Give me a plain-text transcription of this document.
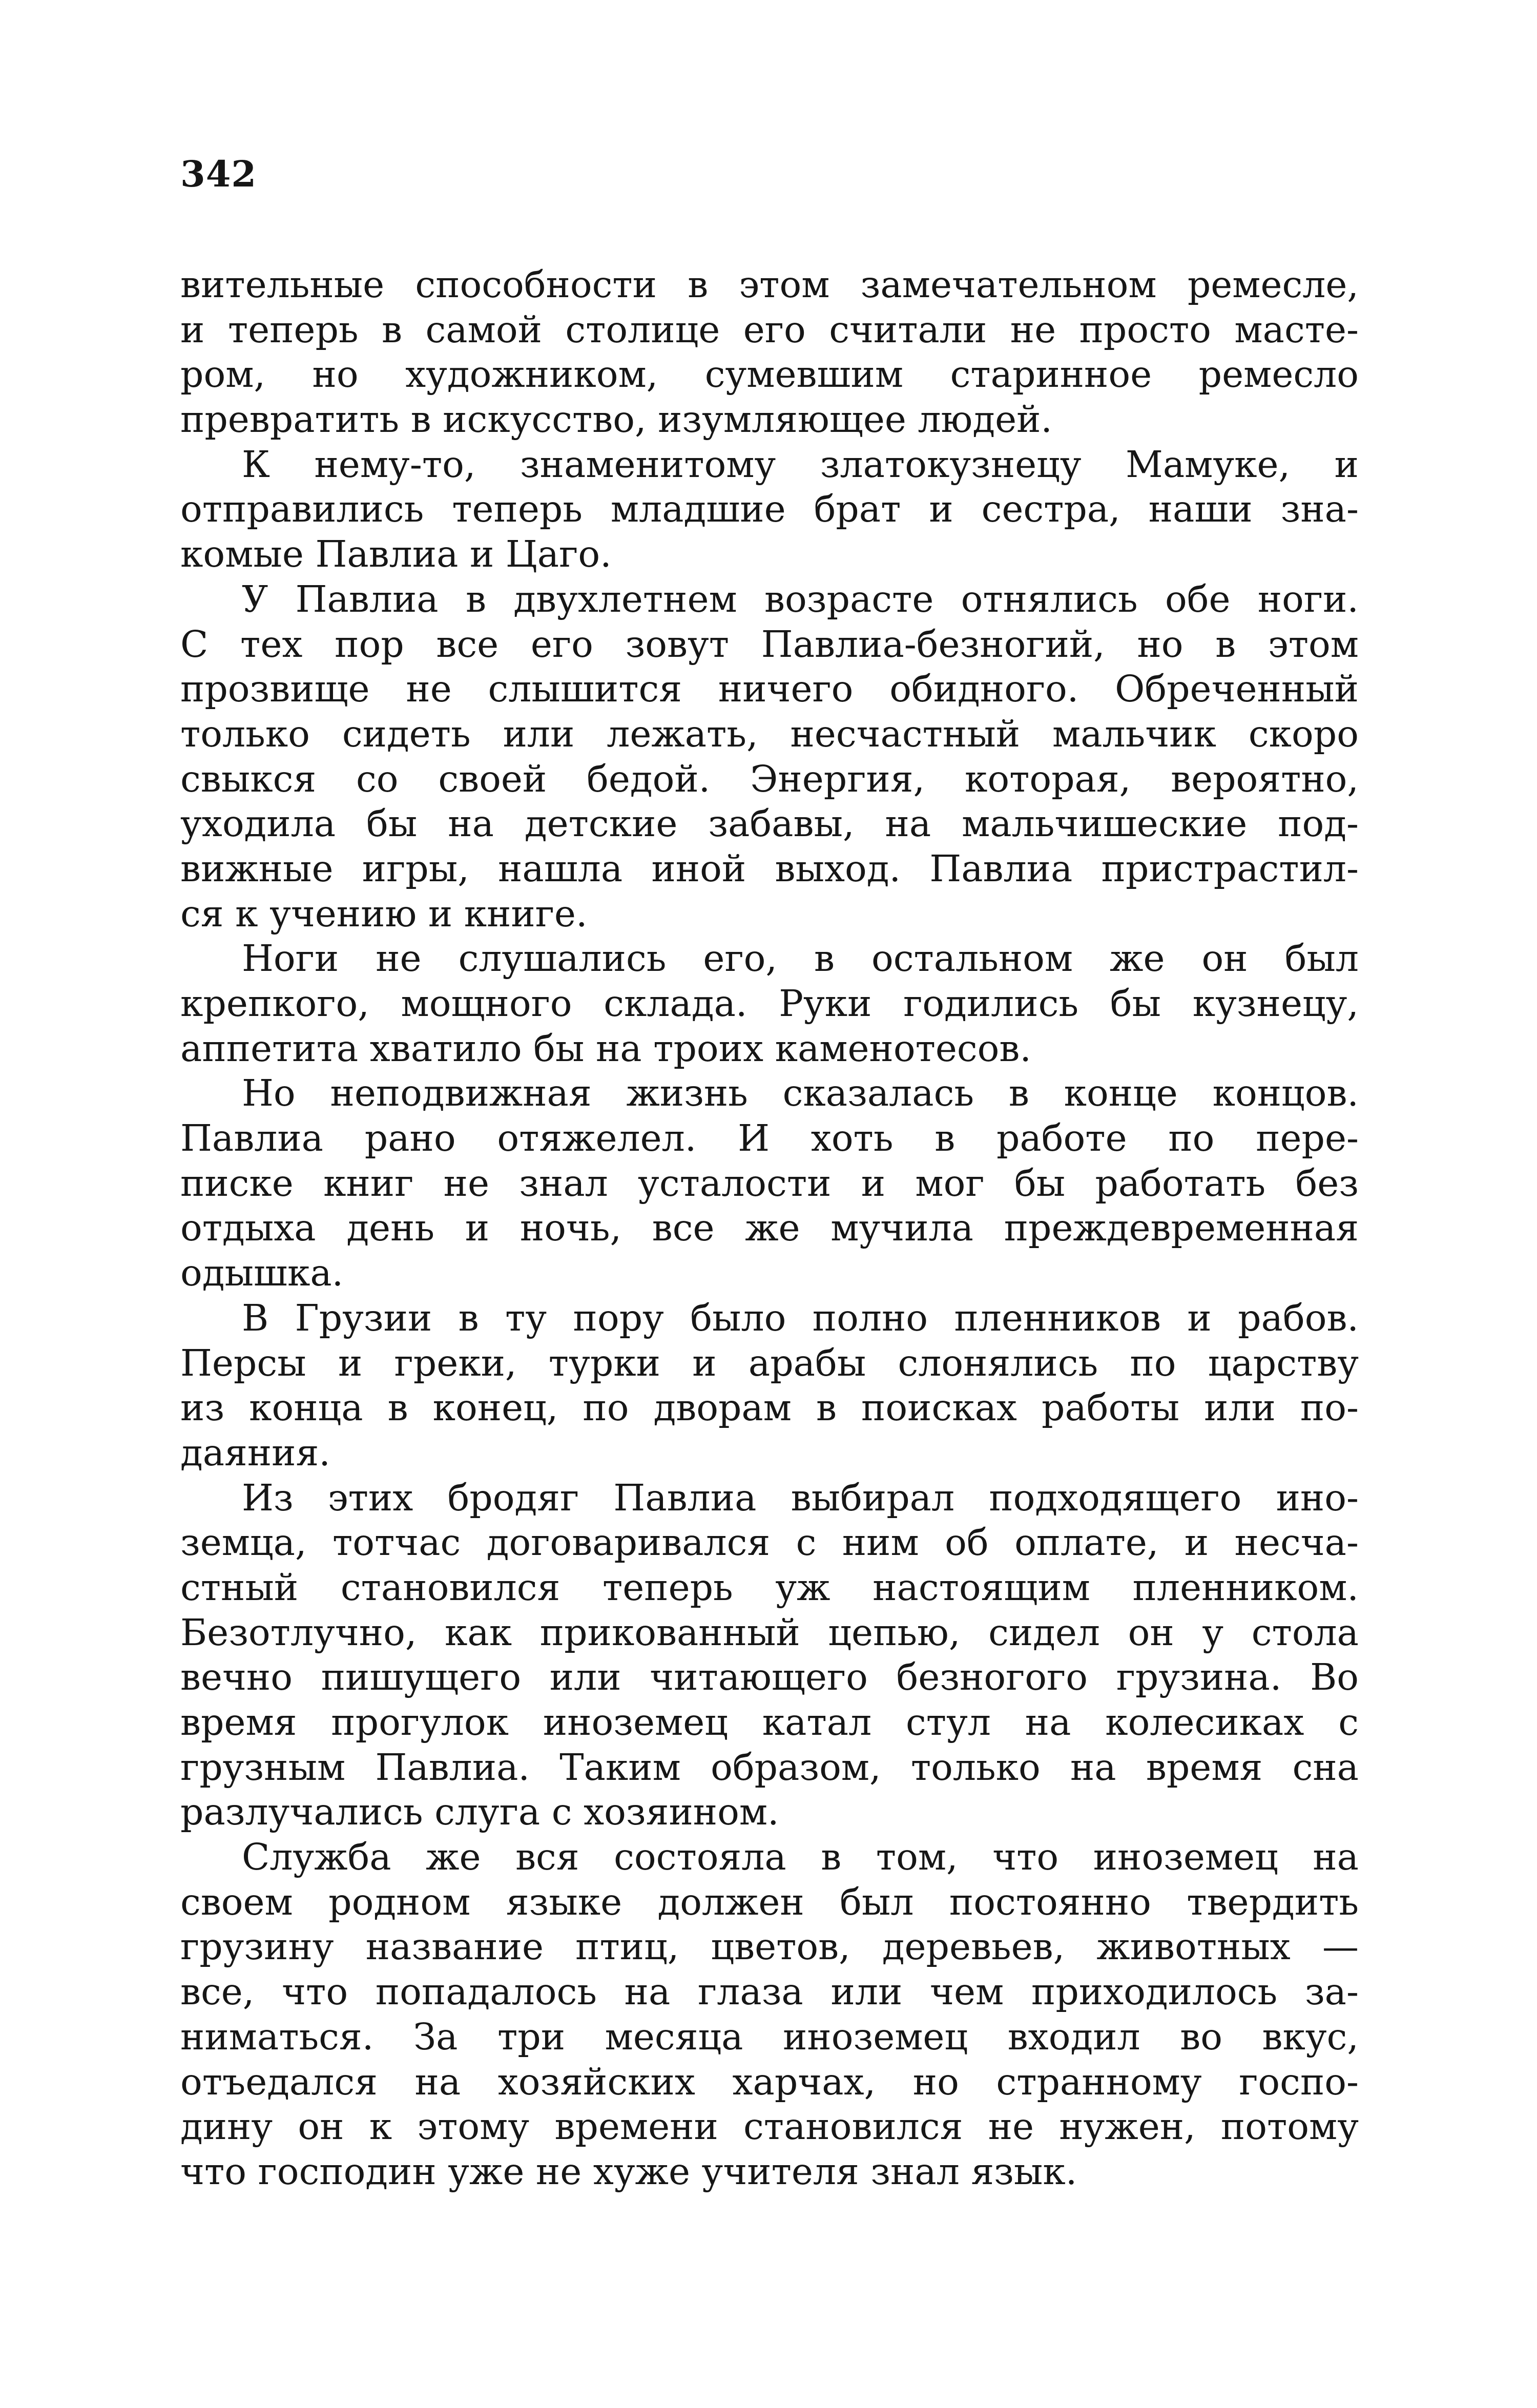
342
вительные способности в этом замечательном ремесле,
и теперь в самой столице его считали не просто масте-
ром, но художником, сумевшим старинное ремесло
превратить в искусство, изумляющее людей.
К нему-то, знаменитому златокузнецу Мамуке, и
отправились теперь младшие брат и сестра, наши зна-
комые Павлиа и Цаго.
У Павлиа в двухлетнем возрасте отнялись обе ноги.
С тех пор все его зовут Павлиа-безногий, но в этом
прозвище не слышится ничего обидного. Обреченный
только сидеть или лежать, несчастный мальчик скоро
свыкся со своей бедой. Энергия, которая, вероятно,
уходила бы на детские забавы, на мальчишеские под-
вижные игры, нашла иной выход. Павлиа пристрастил-
ся к учению и книге.
Ноги не слушались его, в остальном же он был
крепкого, мощного склада. Руки годились бы кузнецу,
аппетита хватило бы на троих каменотесов.
Но неподвижная жизнь сказалась в конце концов.
Павлиа рано отяжелел. И хоть в работе по пере-
писке книг не знал усталости и мог бы работать без
отдыха день и ночь, все же мучила преждевременная
одышка.
В Грузии в ту пору было полно пленников и рабов.
Персы и греки, турки и арабы слонялись по царству
из конца в конец, по дворам в поисках работы или по-
даяния.
Из этих бродяг Павлиа выбирал подходящего ино-
земца, тотчас договаривался с ним об оплате, и несча-
стный становился теперь уж настоящим пленником.
Безотлучно, как прикованный цепью, сидел он у стола
вечно пишущего или читающего безногого грузина. Во
время прогулок иноземец катал стул на колесиках с
грузным Павлиа. Таким образом, только на время сна
разлучались слуга с хозяином.
Служба же вся состояла в том, что иноземец на
своем родном языке должен был постоянно твердить
грузину название птиц, цветов, деревьев, животных —
все, что попадалось на глаза или чем приходилось за-
ниматься. За три месяца иноземец входил во вкус,
отъедался на хозяйских харчах, но странному госпо-
дину он к этому времени становился не нужен, потому
что господин уже не хуже учителя знал язык.
